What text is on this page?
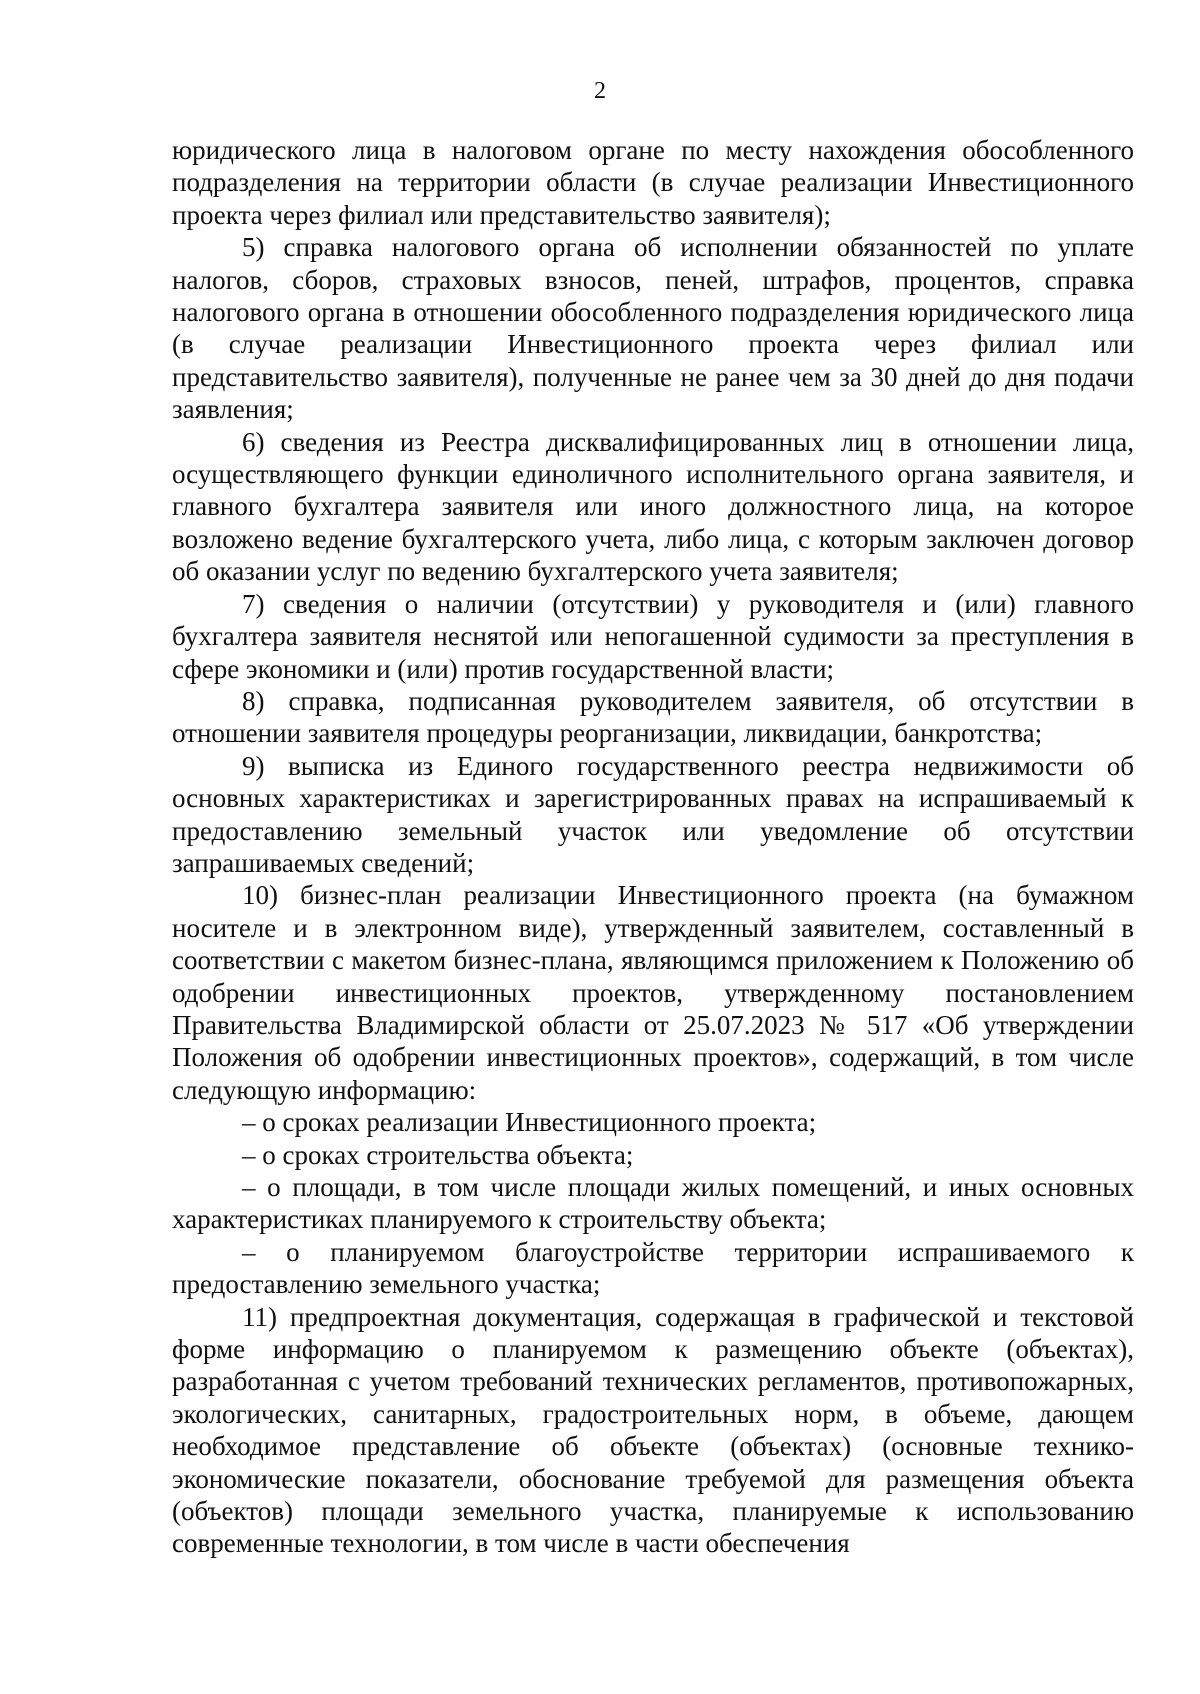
2

юридического лица в налоговом органе по месту нахождения обособленного подразделения на территории области (в случае реализации Инвестиционного проекта через филиал или представительство заявителя);

5) справка налогового органа об исполнении обязанностей по уплате налогов, сборов, страховых взносов, пеней, штрафов, процентов, справка налогового органа в отношении обособленного подразделения юридического лица (в случае реализации Инвестиционного проекта через филиал или представительство заявителя), полученные не ранее чем за 30 дней до дня подачи заявления;

6) сведения из Реестра дисквалифицированных лиц в отношении лица, осуществляющего функции единоличного исполнительного органа заявителя, и главного бухгалтера заявителя или иного должностного лица, на которое возложено ведение бухгалтерского учета, либо лица, с которым заключен договор об оказании услуг по ведению бухгалтерского учета заявителя;

7) сведения о наличии (отсутствии) у руководителя и (или) главного бухгалтера заявителя неснятой или непогашенной судимости за преступления в сфере экономики и (или) против государственной власти;

8) справка, подписанная руководителем заявителя, об отсутствии в отношении заявителя процедуры реорганизации, ликвидации, банкротства;

9) выписка из Единого государственного реестра недвижимости об основных характеристиках и зарегистрированных правах на испрашиваемый к предоставлению земельный участок или уведомление об отсутствии запрашиваемых сведений;

10) бизнес-план реализации Инвестиционного проекта (на бумажном носителе и в электронном виде), утвержденный заявителем, составленный в соответствии с макетом бизнес-плана, являющимся приложением к Положению об одобрении инвестиционных проектов, утвержденному постановлением Правительства Владимирской области от 25.07.2023 № 517 «Об утверждении Положения об одобрении инвестиционных проектов», содержащий, в том числе следующую информацию:

– о сроках реализации Инвестиционного проекта;

– о сроках строительства объекта;

– о площади, в том числе площади жилых помещений, и иных основных характеристиках планируемого к строительству объекта;

– о планируемом благоустройстве территории испрашиваемого к предоставлению земельного участка;

11) предпроектная документация, содержащая в графической и текстовой форме информацию о планируемом к размещению объекте (объектах), разработанная с учетом требований технических регламентов, противопожарных, экологических, санитарных, градостроительных норм, в объеме, дающем необходимое представление об объекте (объектах) (основные технико-экономические показатели, обоснование требуемой для размещения объекта (объектов) площади земельного участка, планируемые к использованию современные технологии, в том числе в части обеспечения
